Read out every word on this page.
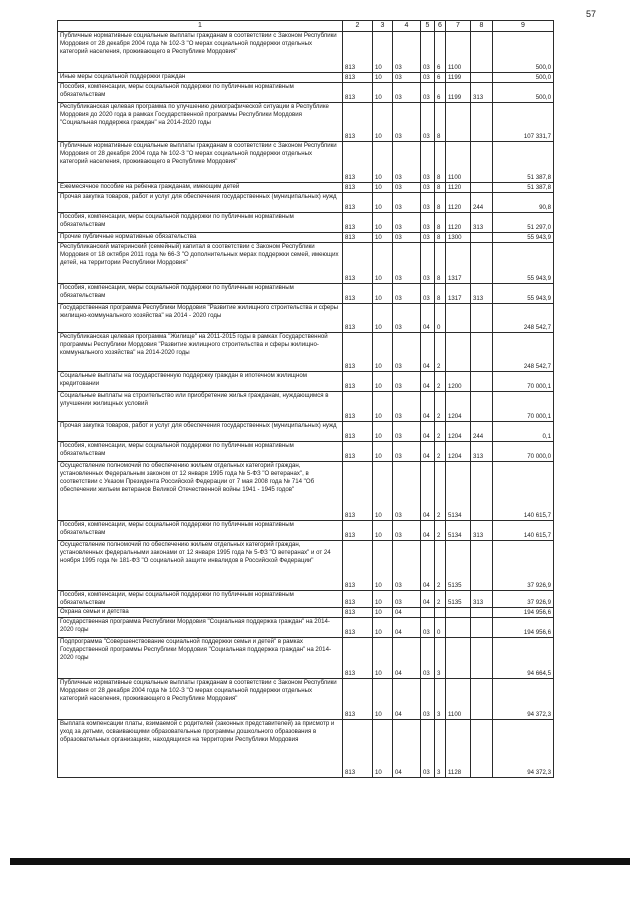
57
1	2	3	4	5	6	7	8	9
Публичные нормативные социальные выплаты гражданам в соответствии с Законом Республики Мордовия от 28 декабря 2004 года № 102-З "О мерах социальной поддержки отдельных категорий населения, проживающего в Республике Мордовия"	813	10	03	03	6	1100		500,0
Иные меры социальной поддержки граждан	813	10	03	03	6	1199		500,0
Пособия, компенсации, меры социальной поддержки по публичным нормативным обязательствам	813	10	03	03	6	1199	313	500,0
Республиканская целевая программа по улучшению демографической ситуации в Республике Мордовия до 2020 года в рамках Государственной программы Республики Мордовия "Социальная поддержка граждан" на 2014-2020 годы	813	10	03	03	8			107 331,7
Публичные нормативные социальные выплаты гражданам в соответствии с Законом Республики Мордовия от 28 декабря 2004 года № 102-З "О мерах социальной поддержки отдельных категорий населения, проживающего в Республике Мордовия"	813	10	03	03	8	1100		51 387,8
Ежемесячное пособие на ребенка гражданам, имеющим детей	813	10	03	03	8	1120		51 387,8
Прочая закупка товаров, работ и услуг для обеспечения государственных (муниципальных) нужд	813	10	03	03	8	1120	244	90,8
Пособия, компенсации, меры социальной поддержки по публичным нормативным обязательствам	813	10	03	03	8	1120	313	51 297,0
Прочие публичные нормативные обязательства	813	10	03	03	8	1300		55 943,9
Республиканский материнский (семейный) капитал в соответствии с Законом Республики Мордовия от 18 октября 2011 года № 66-З "О дополнительных мерах поддержки семей, имеющих детей, на территории Республики Мордовия"	813	10	03	03	8	1317		55 943,9
Пособия, компенсации, меры социальной поддержки по публичным нормативным обязательствам	813	10	03	03	8	1317	313	55 943,9
Государственная программа Республики Мордовия "Развитие жилищного строительства и сферы жилищно-коммунального хозяйства" на 2014 - 2020 годы	813	10	03	04	0			248 542,7
Республиканская целевая программа "Жилище" на 2011-2015 годы в рамках Государственной программы Республики Мордовия "Развитие жилищного строительства и сферы жилищно-коммунального хозяйства" на 2014-2020 годы	813	10	03	04	2			248 542,7
Социальные выплаты на государственную поддержку граждан в ипотечном жилищном кредитовании	813	10	03	04	2	1200		70 000,1
Социальные выплаты на строительство или приобретение жилья гражданам, нуждающимся в улучшении жилищных условий	813	10	03	04	2	1204		70 000,1
Прочая закупка товаров, работ и услуг для обеспечения государственных (муниципальных) нужд	813	10	03	04	2	1204	244	0,1
Пособия, компенсации, меры социальной поддержки по публичным нормативным обязательствам	813	10	03	04	2	1204	313	70 000,0
Осуществление полномочий по обеспечению жильем отдельных категорий граждан, установленных Федеральным законом от 12 января 1995 года № 5-ФЗ "О ветеранах", в соответствии с Указом Президента Российской Федерации от 7 мая 2008 года № 714 "Об обеспечении жильем ветеранов Великой Отечественной войны 1941 - 1945 годов"	813	10	03	04	2	5134		140 615,7
Пособия, компенсации, меры социальной поддержки по публичным нормативным обязательствам	813	10	03	04	2	5134	313	140 615,7
Осуществление полномочий по обеспечению жильем отдельных категорий граждан, установленных федеральными законами от 12 января 1995 года № 5-ФЗ "О ветеранах" и от 24 ноября 1995 года № 181-ФЗ "О социальной защите инвалидов в Российской Федерации"	813	10	03	04	2	5135		37 926,9
Пособия, компенсации, меры социальной поддержки по публичным нормативным обязательствам	813	10	03	04	2	5135	313	37 926,9
Охрана семьи и детства	813	10	04					194 956,6
Государственная программа Республики Мордовия "Социальная поддержка граждан" на 2014-2020 годы	813	10	04	03	0			194 956,6
Подпрограмма "Совершенствование социальной поддержки семьи и детей" в рамках Государственной программы Республики Мордовия "Социальная поддержка граждан" на 2014-2020 годы	813	10	04	03	3			94 664,5
Публичные нормативные социальные выплаты гражданам в соответствии с Законом Республики Мордовия от 28 декабря 2004 года № 102-З "О мерах социальной поддержки отдельных категорий населения, проживающего в Республике Мордовия"	813	10	04	03	3	1100		94 372,3
Выплата компенсации платы, взимаемой с родителей (законных представителей) за присмотр и уход за детьми, осваивающими образовательные программы дошкольного образования в образовательных организациях, находящихся на территории Республики Мордовия	813	10	04	03	3	1128		94 372,3
